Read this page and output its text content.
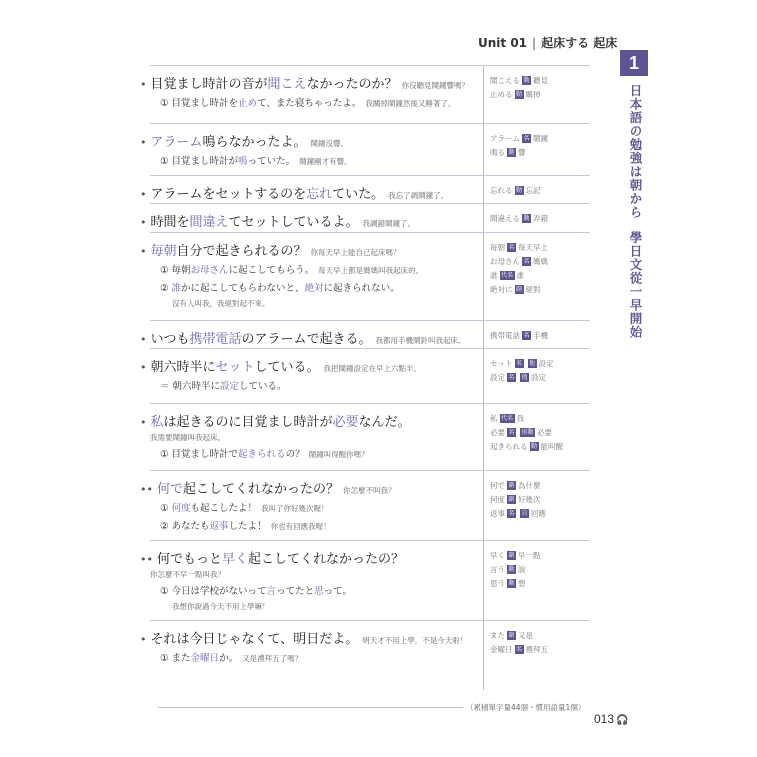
Unit 01 | 起床する 起床
1
日本語の勉強は朝から學日文從一早開始
• 目覚まし時計の音が聞こえなかったのか？ 你沒聽見鬧鐘響嗎？
① 目覚まし時計を止めて、また寝ちゃったよ。 我關掉鬧鐘然後又睡著了。
聞こえる 動 聽見
止める 動 關掉
• アラーム鳴らなかったよ。 鬧鐘沒響。
① 目覚まし時計が鳴っていた。 鬧鐘剛才有響。
アラーム 名 鬧鐘
鳴る 動 響
• アラームをセットするのを忘れていた。 我忘了調鬧鐘了。
忘れる 動 忘記
• 時間を間違えてセットしているよ。 我調錯鬧鐘了。
間違える 動 弄錯
• 毎朝自分で起きられるの？ 你每天早上能自己起床嗎？
① 毎朝お母さんに起こしてもらう。 每天早上都是媽媽叫我起床的。
② 誰かに起こしてもらわないと、絶対に起きられない。
沒有人叫我，我絕對起不來。
毎朝 名 每天早上
お母さん 名 媽媽
誰 代名 誰
絶対に 副 絕對
• いつも携帯電話のアラームで起きる。 我都用手機鬧鈴叫我起床。
携帯電話 名 手機
• 朝六時半にセットしている。 我把鬧鐘設定在早上六點半。
＝ 朝六時半に設定している。
セット 名 他 設定
設定 名 他 設定
• 私は起きるのに目覚まし時計が必要なんだ。
我需要鬧鐘叫我起床。
① 目覚まし時計で起きられるの？ 鬧鐘叫得醒你嗎？
私 代名 我
必要 名 形動 必要
起きられる 動 能叫醒
•• 何で起こしてくれなかったの？ 你怎麼不叫我？
① 何度も起こしたよ！ 我叫了你好幾次喔！
② あなたも返事したよ！ 你也有回應我喔！
何で 副 為什麼
何度 副 好幾次
返事 名 自 回應
•• 何でもっと早く起こしてくれなかったの？
你怎麼不早一點叫我？
① 今日は学校がないって言ってたと思って。
我想你說過今天不用上學嘛！
早く 副 早一點
言う 動 說
思う 動 想
• それは今日じゃなくて、明日だよ。 明天才不用上學，不是今天啦！
① また金曜日か。 又是禮拜五了嗎？
また 副 又是
金曜日 名 禮拜五
（累積單字量44個・慣用語量1個）
013 🎧
